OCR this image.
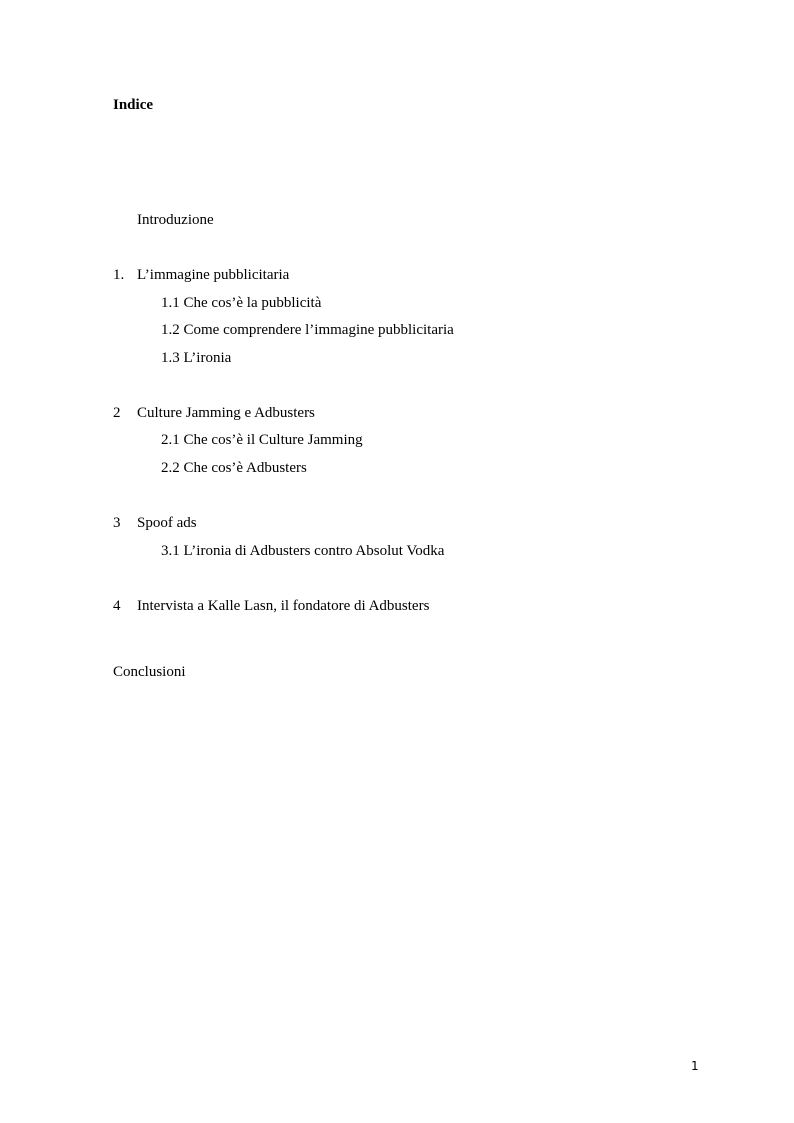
Indice
Introduzione
1. L’immagine pubblicitaria
1.1 Che cos’è la pubblicità
1.2 Come comprendere l’immagine pubblicitaria
1.3 L’ironia
2 Culture Jamming e Adbusters
2.1 Che cos’è il Culture Jamming
2.2 Che cos’è Adbusters
3 Spoof ads
3.1 L’ironia di Adbusters contro Absolut Vodka
4 Intervista a Kalle Lasn, il fondatore di Adbusters
Conclusioni
1
